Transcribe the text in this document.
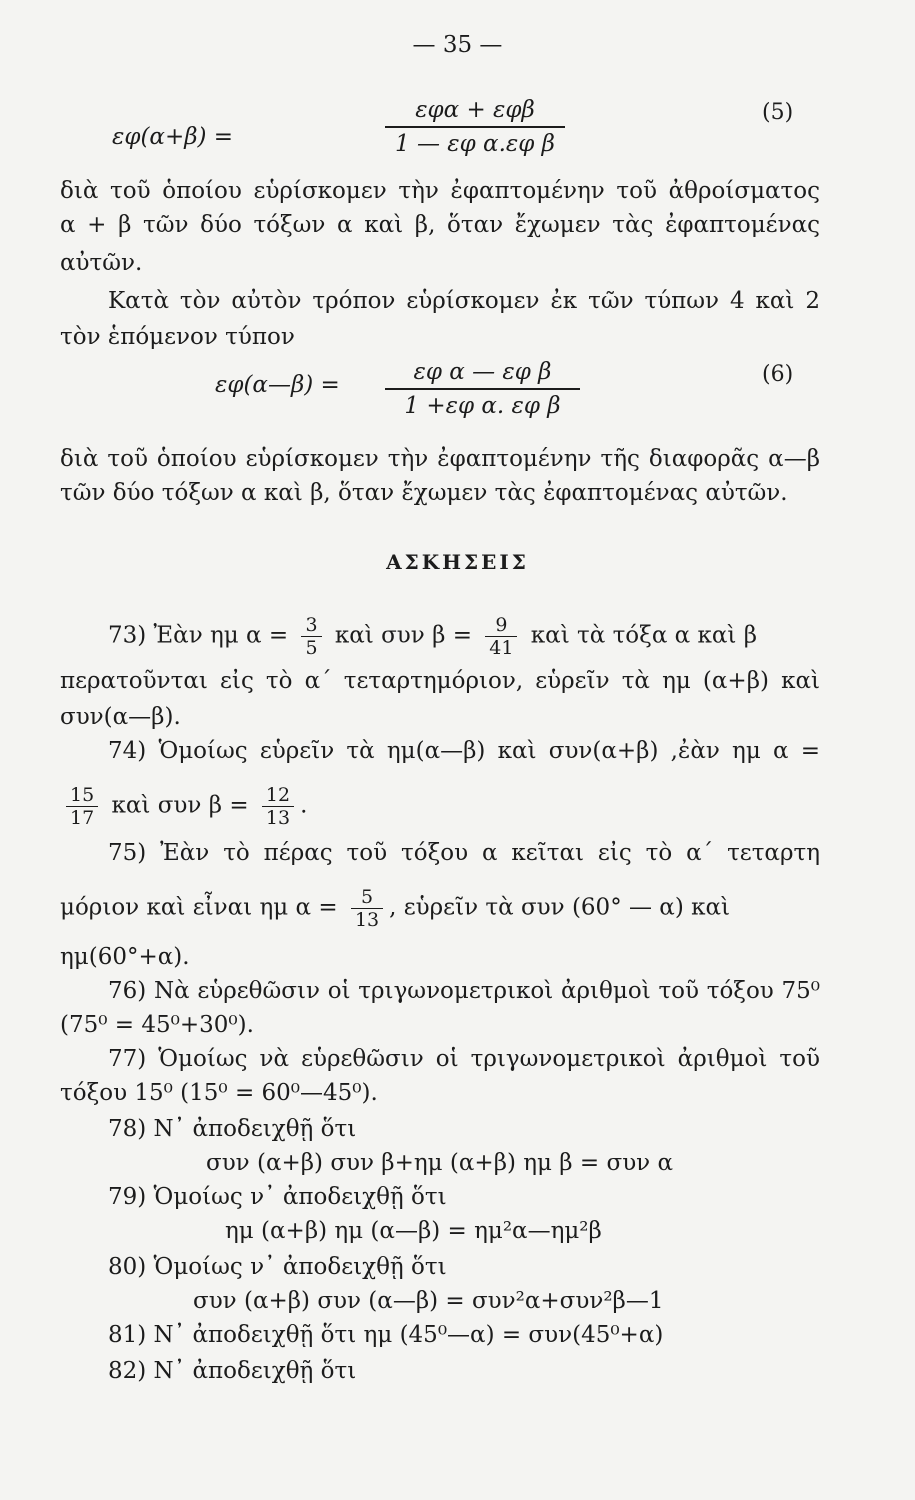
— 35 —
εφ(α+β) =
εφα + εφβ
1 — εφ α.εφ β
(5)
διὰ τοῦ ὁποίου εὑρίσκομεν τὴν ἐφαπτομένην τοῦ ἀθροίσματος
α + β τῶν δύο τόξων α καὶ β, ὅταν ἔχωμεν τὰς ἐφαπτομένας
αὐτῶν.
Κατὰ τὸν αὐτὸν τρόπον εὑρίσκομεν ἐκ τῶν τύπων 4 καὶ 2
τὸν ἑπόμενον τύπον
εφ(α—β) =	εφ α — εφ β
1 +εφ α. εφ β
(6)
διὰ τοῦ ὁποίου εὑρίσκομεν τὴν ἐφαπτομένην τῆς διαφορᾶς α—β
τῶν δύο τόξων α καὶ β, ὅταν ἔχωμεν τὰς ἐφαπτομένας αὐτῶν.
ΑΣΚΗΣΕΙΣ
73) Ἐὰν ημ $\alpha = \frac{3}{5}$ καὶ συν $\beta = \frac{9}{41}$ καὶ τὰ τόξα α καὶ β
περατοῦνται εἰς τὸ α΄ τεταρτημόριον, εὑρεῖν τὰ ημ (α+β) καὶ
συν(α—β).
74) Ὁμοίως εὑρεῖν τὰ ημ(α—β) καὶ συν(α+β) ,ἐὰν ημ α =
$\frac{15}{17}$ καὶ συν $\beta = \frac{12}{13}$ .
75) Ἐὰν τὸ πέρας τοῦ τόξου α κεῖται εἰς τὸ α΄ τεταρτη
μόριον καὶ εἶναι ημ $\alpha = \frac{5}{13}$ , εὑρεῖν τὰ συν (60° — α) καὶ
ημ(60°+α).
76) Νὰ εὑρεθῶσιν οἱ τριγωνομετρικοὶ ἀριθμοὶ τοῦ τόξου 75⁰
(75⁰ = 45⁰+30⁰).
77) Ὁμοίως νὰ εὑρεθῶσιν οἱ τριγωνομετρικοὶ ἀριθμοὶ τοῦ
τόξου 15⁰ (15⁰ = 60⁰—45⁰).
78) Ν᾽ ἀποδειχθῇ ὅτι
συν (α+β) συν β+ημ (α+β) ημ β = συν α
79) Ὁμοίως ν᾽ ἀποδειχθῇ ὅτι
ημ (α+β) ημ (α—β) = ημ²α—ημ²β
80) Ὁμοίως ν᾽ ἀποδειχθῇ ὅτι
συν (α+β) συν (α—β) = συν²α+συν²β—1
81) Ν᾽ ἀποδειχθῇ ὅτι ημ (45⁰—α) = συν(45⁰+α)
82) Ν᾽ ἀποδειχθῇ ὅτι
